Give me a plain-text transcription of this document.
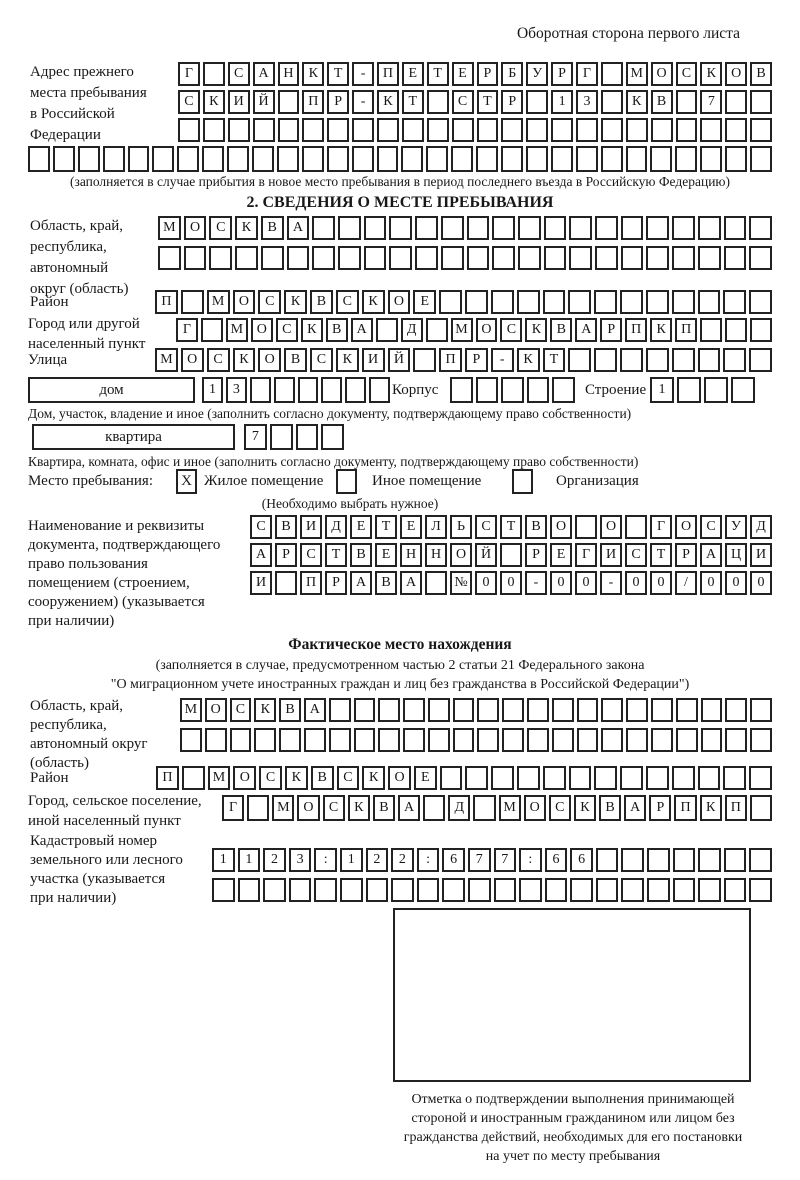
Оборотная сторона первого листа
Адрес прежнего
места пребывания
в Российской
Федерации
Г	С	А	Н	К	Т	-	П	Е	Т	Е	Р	Б	У	Р	Г	М О	С	К	О	В
С	К	И	Й	П	Р	-	К	Т	С	Т	Р	1	3	К	В	7
(заполняется в случае прибытия в новое место пребывания в период последнего въезда в Российскую Федерацию)
2. СВЕДЕНИЯ О МЕСТЕ ПРЕБЫВАНИЯ
Область, край,
республика,
автономный
округ (область)
М	О	С	К	В	А
Район	П	М	О	С	К	В	С	К	О	Е
Город или другой
населенный пункт
Г	М О	С	К	В	А	Д	М О	С	К	В	А	Р	П	К	П
Улица	М	О	С	К	О	В	С	К	И	Й	П	Р	-	К	Т
дом	1	3	Корпус	Строение 1
Дом, участок, владение и иное (заполнить согласно документу, подтверждающему право собственности)
квартира	7
Квартира, комната, офис и иное (заполнить согласно документу, подтверждающему право собственности)
Место пребывания: Х Жилое помещение	Иное помещение	Организация
(Необходимо выбрать нужное)
Наименование и реквизиты
документа, подтверждающего
право пользования
помещением (строением,
сооружением) (указывается
при наличии)
С	В	И	Д	Е	Т	Е	Л	Ь	С	Т	В	О	О	Г	О	С	У	Д
А	Р	С	Т	В	Е	Н	Н	О	Й	Р	Е	Г	И	С	Т	Р	А	Ц	И
И	П	Р	А	В	А	№	0	0	-	0	0	-	0	0	/	0	0	0
Фактическое место нахождения
(заполняется в случае, предусмотренном частью 2 статьи 21 Федерального закона
"О миграционном учете иностранных граждан и лиц без гражданства в Российской Федерации")
Область, край,
республика,
автономный округ
(область)
М О	С	К	В	А
Район	П	М	О	С	К	В	С	К	О	Е
Город, сельское поселение,
иной населенный пункт
Г	М О	С	К	В	А	Д	М О	С	К	В	А	Р	П	К	П
Кадастровый номер
земельного или лесного
участка (указывается
при наличии)
1	1	2	3	:	1	2	2	:	6	7	7	:	6	6
Отметка о подтверждении выполнения принимающей
стороной и иностранным гражданином или лицом без
гражданства действий, необходимых для его постановки
на учет по месту пребывания
